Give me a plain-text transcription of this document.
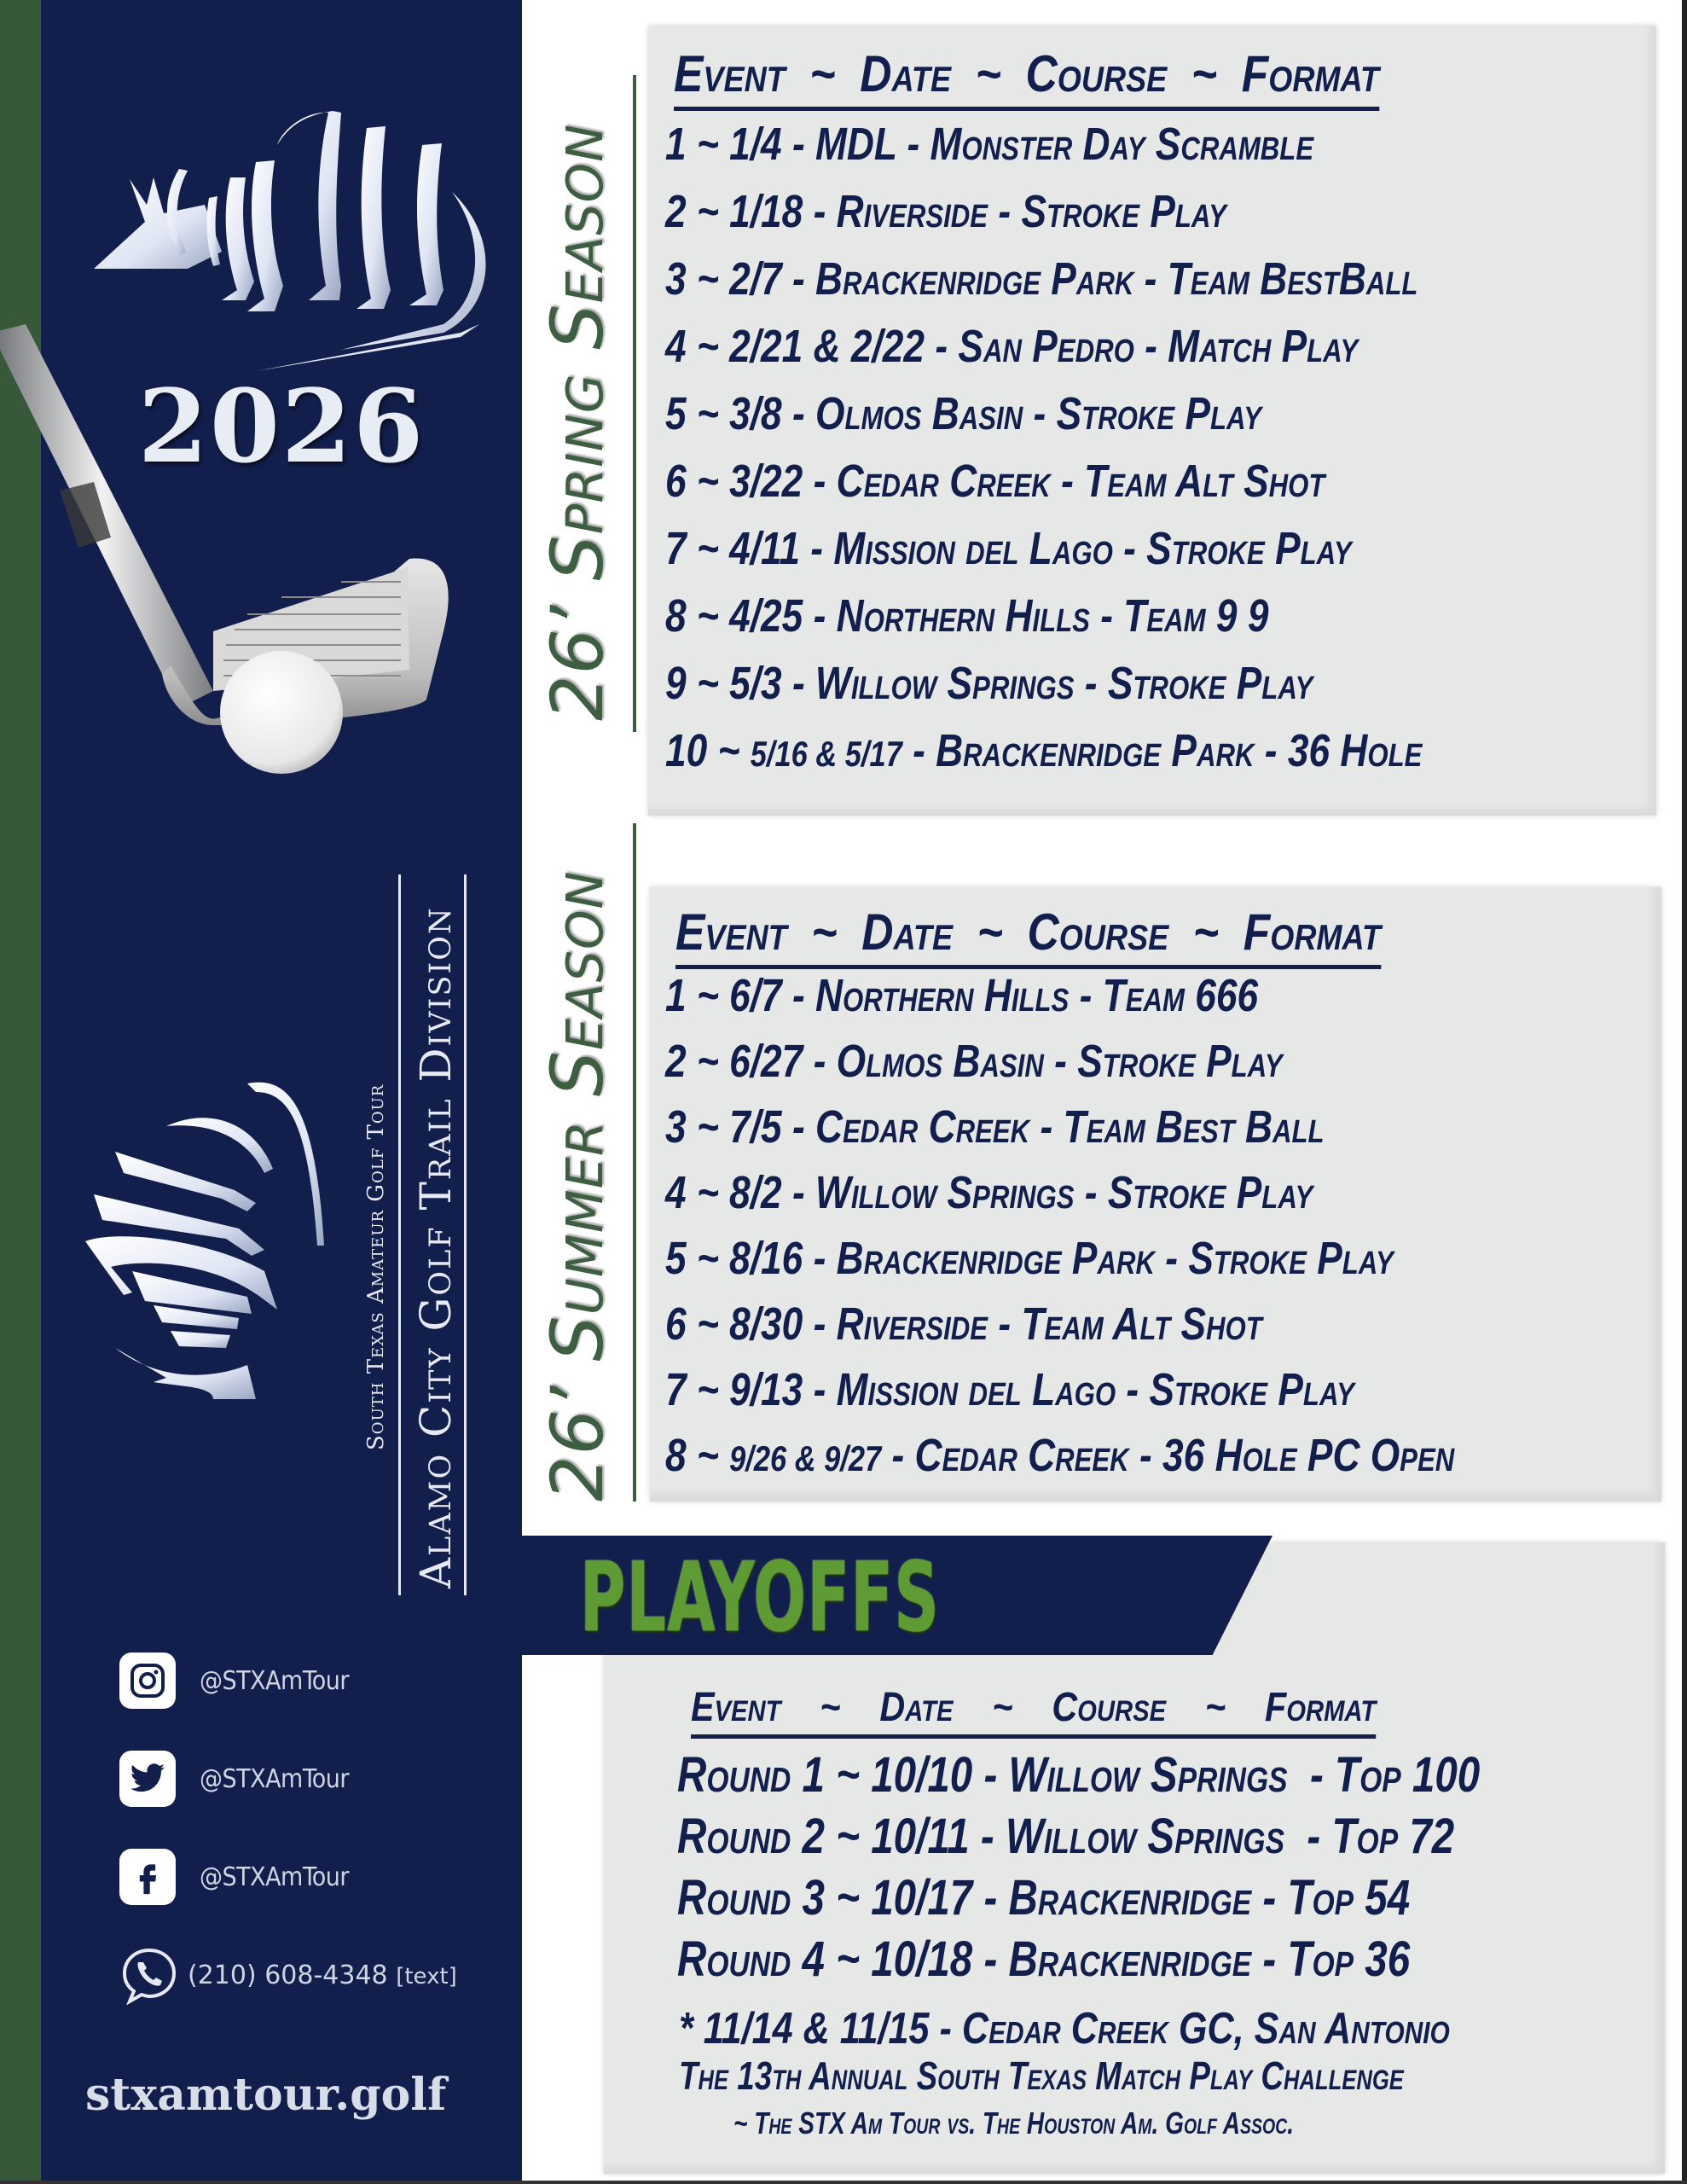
2026
South Texas Amateur Golf Tour Alamo City Golf Trail Division
@STXAmTour
@STXAmTour
@STXAmTour
(210) 608-4348 [text]
stxamtour.golf
26’ Spring Season
Event  ~  Date  ~  Course  ~  Format
1 ~ 1/4 - MDL - Monster Day Scramble
2 ~ 1/18 - Riverside - Stroke Play
3 ~ 2/7 - Brackenridge Park - Team BestBall
4 ~ 2/21 & 2/22 - San Pedro - Match Play
5 ~ 3/8 - Olmos Basin - Stroke Play
6 ~ 3/22 - Cedar Creek - Team Alt Shot
7 ~ 4/11 - Mission del Lago - Stroke Play
8 ~ 4/25 - Northern Hills - Team 9 9
9 ~ 5/3 - Willow Springs - Stroke Play
10 ~ 5/16 & 5/17 - Brackenridge Park - 36 Hole
26’ Summer Season Event  ~  Date  ~  Course  ~  Format
1 ~ 6/7 - Northern Hills - Team 666
2 ~ 6/27 - Olmos Basin - Stroke Play
3 ~ 7/5 - Cedar Creek - Team Best Ball
4 ~ 8/2 - Willow Springs - Stroke Play
5 ~ 8/16 - Brackenridge Park - Stroke Play
6 ~ 8/30 - Riverside - Team Alt Shot
7 ~ 9/13 - Mission del Lago - Stroke Play
8 ~ 9/26 & 9/27 - Cedar Creek - 36 Hole PC Open
Event    ~    Date    ~    Course    ~    Format
Round 1 ~ 10/10 - Willow Springs  - Top 100
Round 2 ~ 10/11 - Willow Springs  - Top 72
Round 3 ~ 10/17 - Brackenridge - Top 54
Round 4 ~ 10/18 - Brackenridge - Top 36
* 11/14 & 11/15 - Cedar Creek GC, San Antonio
The 13th Annual South Texas Match Play Challenge
~ The STX Am Tour vs. The Houston Am. Golf Assoc.
PLAYOFFS
